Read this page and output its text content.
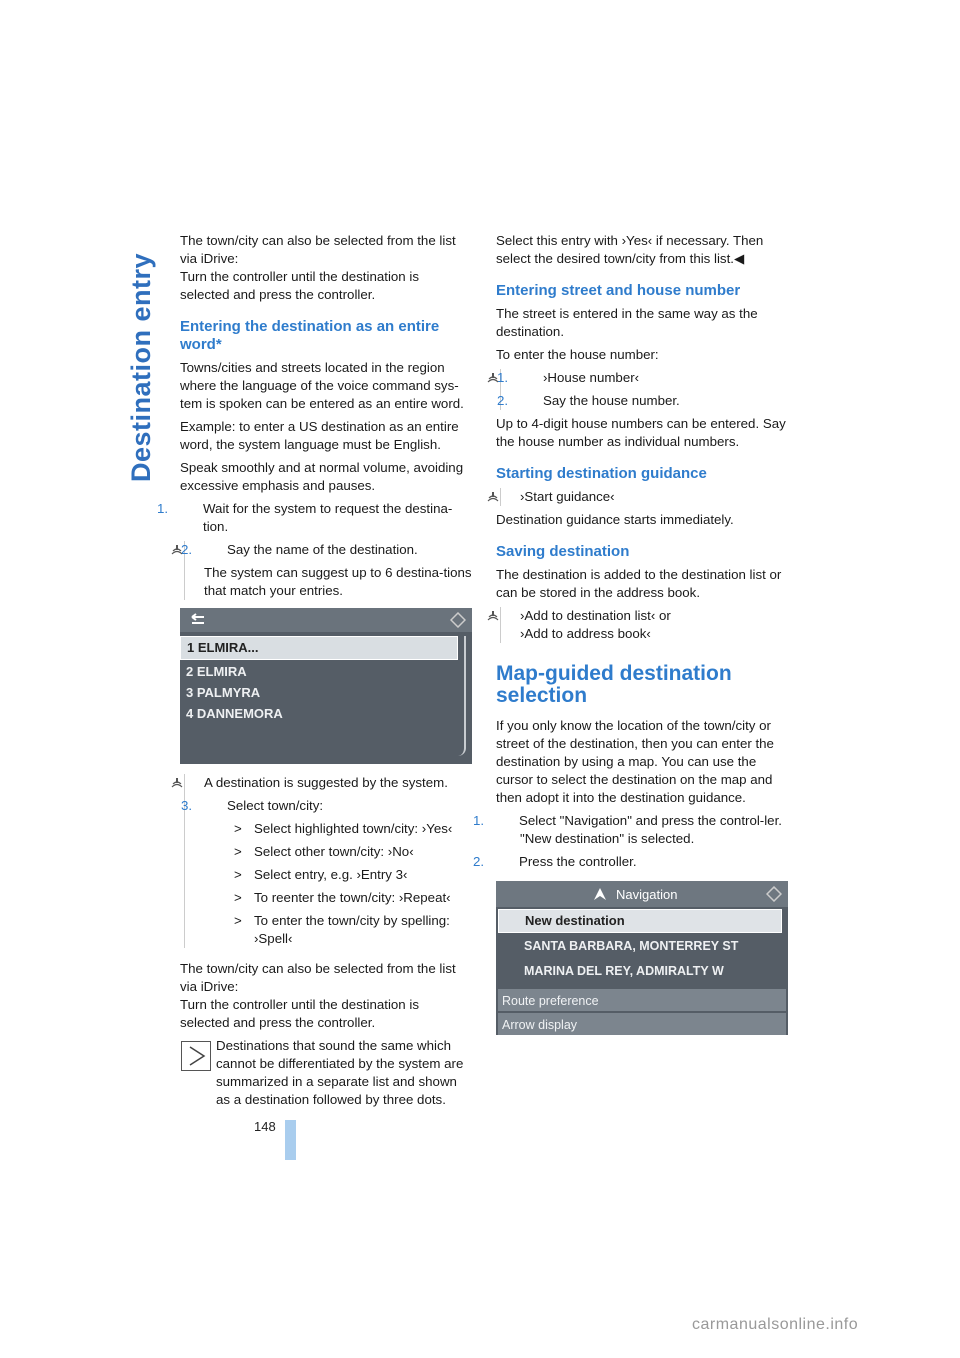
Destination entry

The town/city can also be selected from the list via iDrive:
Turn the controller until the destination is selected and press the controller.

Entering the destination as an entire word*

Towns/cities and streets located in the region where the language of the voice command sys-tem is spoken can be entered as an entire word.

Example: to enter a US destination as an entire word, the system language must be English.

Speak smoothly and at normal volume, avoiding excessive emphasis and pauses.

1.	Wait for the system to request the destina-tion.

2.	Say the name of the destination.

The system can suggest up to 6 destina-tions that match your entries.

1 ELMIRA...
2 ELMIRA
3 PALMYRA
4 DANNEMORA

A destination is suggested by the system.

3.	Select town/city:

> Select highlighted town/city: ›Yes‹

> Select other town/city: ›No‹

> Select entry, e.g. ›Entry 3‹

> To reenter the town/city: ›Repeat‹

> To enter the town/city by spelling: ›Spell‹

The town/city can also be selected from the list via iDrive:
Turn the controller until the destination is selected and press the controller.

Destinations that sound the same which cannot be differentiated by the system are summarized in a separate list and shown as a destination followed by three dots.

Select this entry with ›Yes‹ if necessary. Then select the desired town/city from this list.◀

Entering street and house number

The street is entered in the same way as the destination.

To enter the house number:

1.	›House number‹

2.	Say the house number.

Up to 4-digit house numbers can be entered. Say the house number as individual numbers.

Starting destination guidance

›Start guidance‹

Destination guidance starts immediately.

Saving destination

The destination is added to the destination list or can be stored in the address book.

›Add to destination list‹ or

›Add to address book‹

Map-guided destination selection

If you only know the location of the town/city or street of the destination, then you can enter the destination by using a map. You can use the cursor to select the destination on the map and then adopt it into the destination guidance.

1.	Select "Navigation" and press the control-ler.

"New destination" is selected.

2.	Press the controller.

Navigation
New destination
SANTA BARBARA, MONTERREY ST
MARINA DEL REY, ADMIRALTY W
Route preference
Arrow display
148
carmanualsonline.info
